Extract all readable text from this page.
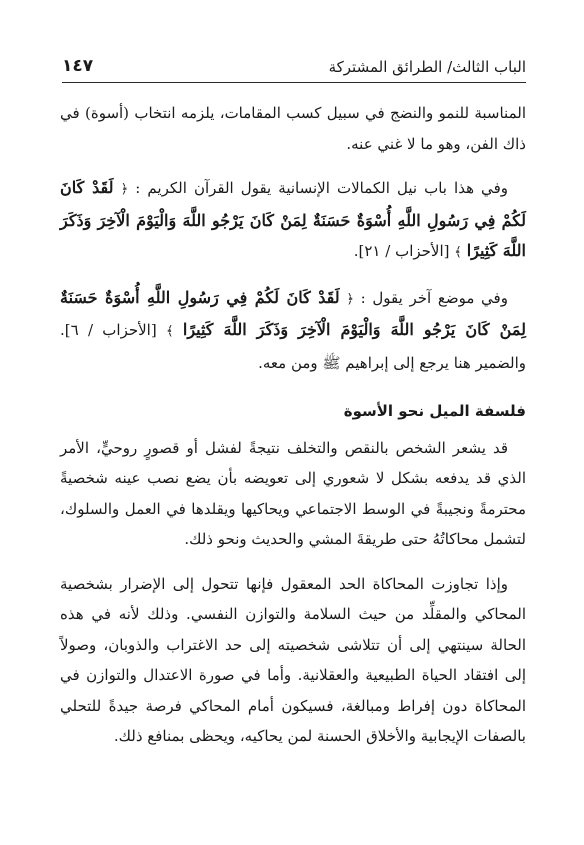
الباب الثالث/ الطرائق المشتركة
١٤٧

المناسبة للنمو والنضج في سبيل كسب المقامات، يلزمه انتخاب (أسوة) في ذاك الفن، وهو ما لا غني عنه.

وفي هذا باب نيل الكمالات الإنسانية يقول القرآن الكريم : ﴿ لَقَدْ كَانَ لَكُمْ فِي رَسُولِ اللَّهِ أُسْوَةٌ حَسَنَةٌ لِمَنْ كَانَ يَرْجُو اللَّهَ وَالْيَوْمَ الْآخِرَ وَذَكَرَ اللَّهَ كَثِيرًا ﴾ [الأحزاب / ٢١].

وفي موضع آخر يقول : ﴿ لَقَدْ كَانَ لَكُمْ فِي رَسُولِ اللَّهِ أُسْوَةٌ حَسَنَةٌ لِمَنْ كَانَ يَرْجُو اللَّهَ وَالْيَوْمَ الْآخِرَ وَذَكَرَ اللَّهَ كَثِيرًا ﴾ [الأحزاب / ٦]. والضمير هنا يرجع إلى إبراهيم ﷺ ومن معه.

فلسفة الميل نحو الأسوة

قد يشعر الشخص بالنقص والتخلف نتيجةً لفشل أو قصورٍ روحيٍّ، الأمر الذي قد يدفعه بشكل لا شعوري إلى تعويضه بأن يضع نصب عينه شخصيةً محترمةً ونجيبةً في الوسط الاجتماعي ويحاكيها ويقلدها في العمل والسلوك، لتشمل محاكاتُهُ حتى طريقةَ المشي والحديث ونحو ذلك.

وإذا تجاوزت المحاكاة الحد المعقول فإنها تتحول إلى الإضرار بشخصية المحاكي والمقلِّد من حيث السلامة والتوازن النفسي. وذلك لأنه في هذه الحالة سينتهي إلى أن تتلاشى شخصيته إلى حد الاغتراب والذوبان، وصولاً إلى افتقاد الحياة الطبيعية والعقلانية. وأما في صورة الاعتدال والتوازن في المحاكاة دون إفراط ومبالغة، فسيكون أمام المحاكي فرصة جيدةً للتحلي بالصفات الإيجابية والأخلاق الحسنة لمن يحاكيه، ويحظى بمنافع ذلك.
